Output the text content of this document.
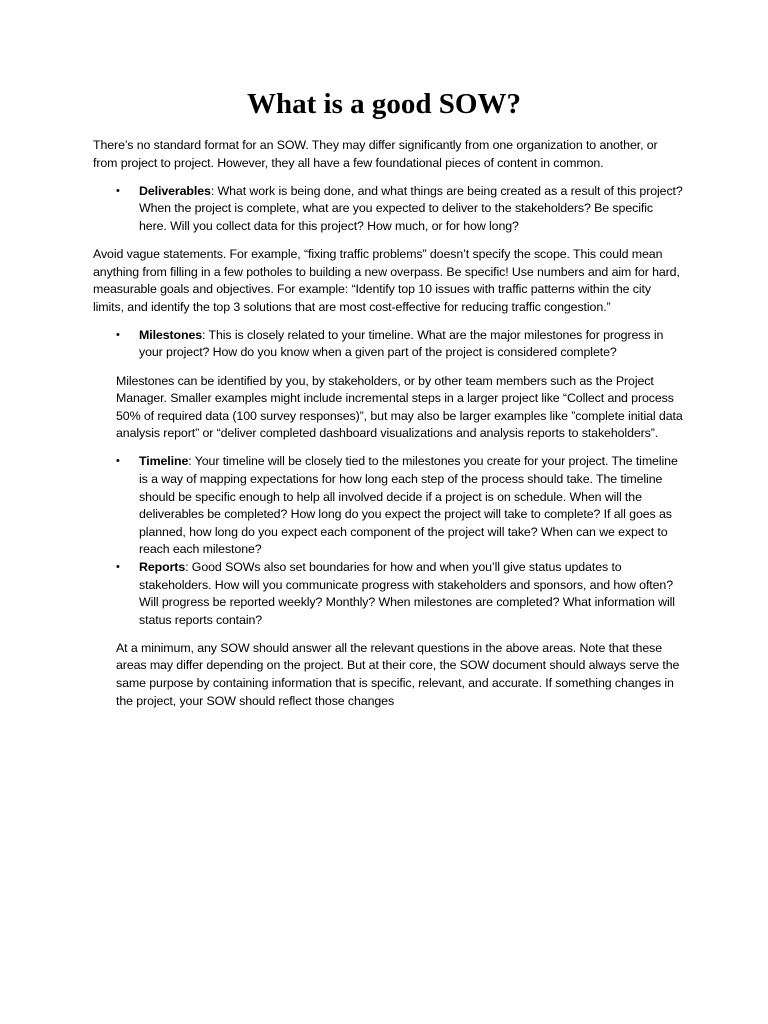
What is a good SOW?

There’s no standard format for an SOW. They may differ significantly from one organization to another, or from project to project. However, they all have a few foundational pieces of content in common.

• Deliverables: What work is being done, and what things are being created as a result of this project? When the project is complete, what are you expected to deliver to the stakeholders? Be specific here. Will you collect data for this project? How much, or for how long?

Avoid vague statements. For example, “fixing traffic problems” doesn’t specify the scope. This could mean anything from filling in a few potholes to building a new overpass. Be specific! Use numbers and aim for hard, measurable goals and objectives. For example: “Identify top 10 issues with traffic patterns within the city limits, and identify the top 3 solutions that are most cost-effective for reducing traffic congestion.”

• Milestones: This is closely related to your timeline. What are the major milestones for progress in your project? How do you know when a given part of the project is considered complete?

Milestones can be identified by you, by stakeholders, or by other team members such as the Project Manager. Smaller examples might include incremental steps in a larger project like “Collect and process 50% of required data (100 survey responses)”, but may also be larger examples like ”complete initial data analysis report” or “deliver completed dashboard visualizations and analysis reports to stakeholders”.

• Timeline: Your timeline will be closely tied to the milestones you create for your project. The timeline is a way of mapping expectations for how long each step of the process should take. The timeline should be specific enough to help all involved decide if a project is on schedule. When will the deliverables be completed? How long do you expect the project will take to complete? If all goes as planned, how long do you expect each component of the project will take? When can we expect to reach each milestone?
• Reports: Good SOWs also set boundaries for how and when you’ll give status updates to stakeholders. How will you communicate progress with stakeholders and sponsors, and how often? Will progress be reported weekly? Monthly? When milestones are completed? What information will status reports contain?

At a minimum, any SOW should answer all the relevant questions in the above areas. Note that these areas may differ depending on the project. But at their core, the SOW document should always serve the same purpose by containing information that is specific, relevant, and accurate. If something changes in the project, your SOW should reflect those changes
